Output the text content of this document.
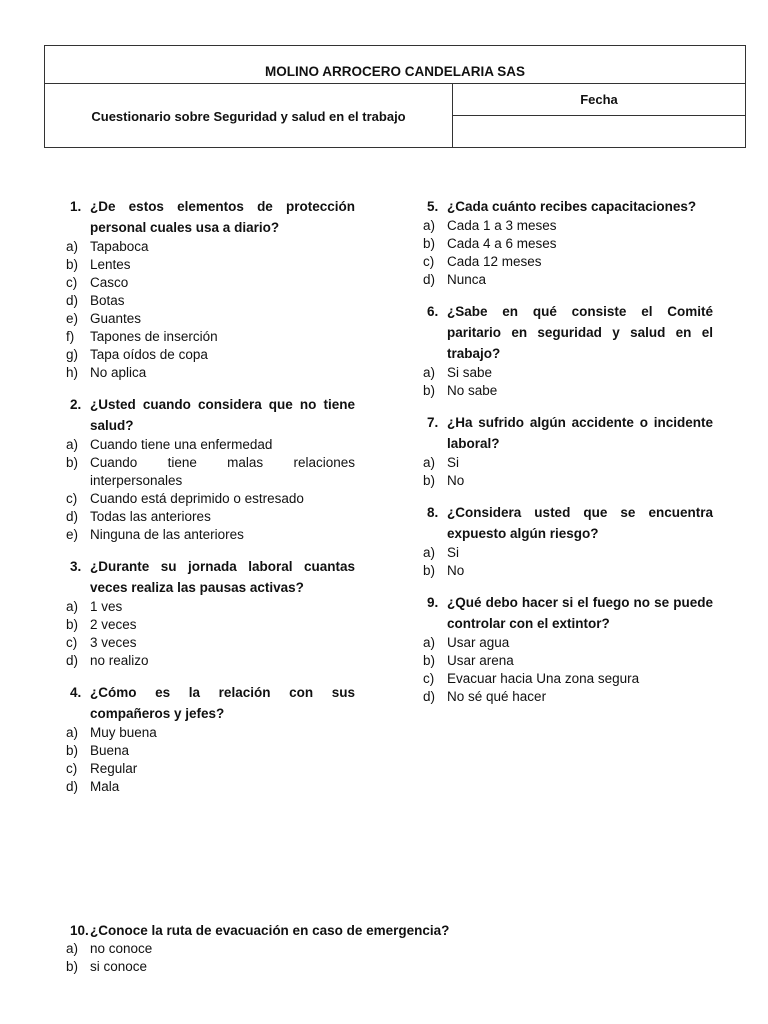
MOLINO ARROCERO CANDELARIA SAS
Cuestionario sobre Seguridad y salud en el trabajo
Fecha
1. ¿De estos elementos de protección personal cuales usa a diario?
a) Tapaboca
b) Lentes
c) Casco
d) Botas
e) Guantes
f)	Tapones de inserción
g) Tapa oídos de copa
h) No aplica
2. ¿Usted cuando considera que no tiene salud?
a) Cuando tiene una enfermedad
b) Cuando tiene malas relaciones interpersonales
c) Cuando está deprimido o estresado
d) Todas las anteriores
e) Ninguna de las anteriores
3. ¿Durante su jornada laboral cuantas veces realiza las pausas activas?
a) 1 ves
b) 2 veces
c) 3 veces
d) no realizo
4. ¿Cómo es la relación con sus compañeros y jefes?
a) Muy buena
b) Buena
c) Regular
d) Mala
5. ¿Cada cuánto recibes capacitaciones?
a) Cada 1 a 3 meses
b) Cada 4 a 6 meses
c) Cada 12 meses
d) Nunca
6. ¿Sabe en qué consiste el Comité paritario en seguridad y salud en el trabajo?
a) Si sabe
b) No sabe
7. ¿Ha sufrido algún accidente o incidente laboral?
a) Si
b) No
8. ¿Considera usted que se encuentra expuesto algún riesgo?
a) Si
b) No
9. ¿Qué debo hacer si el fuego no se puede controlar con el extintor?
a) Usar agua
b) Usar arena
c) Evacuar hacia Una zona segura
d) No sé qué hacer
10. ¿Conoce la ruta de evacuación en caso de emergencia?
a) no conoce
b) si conoce
